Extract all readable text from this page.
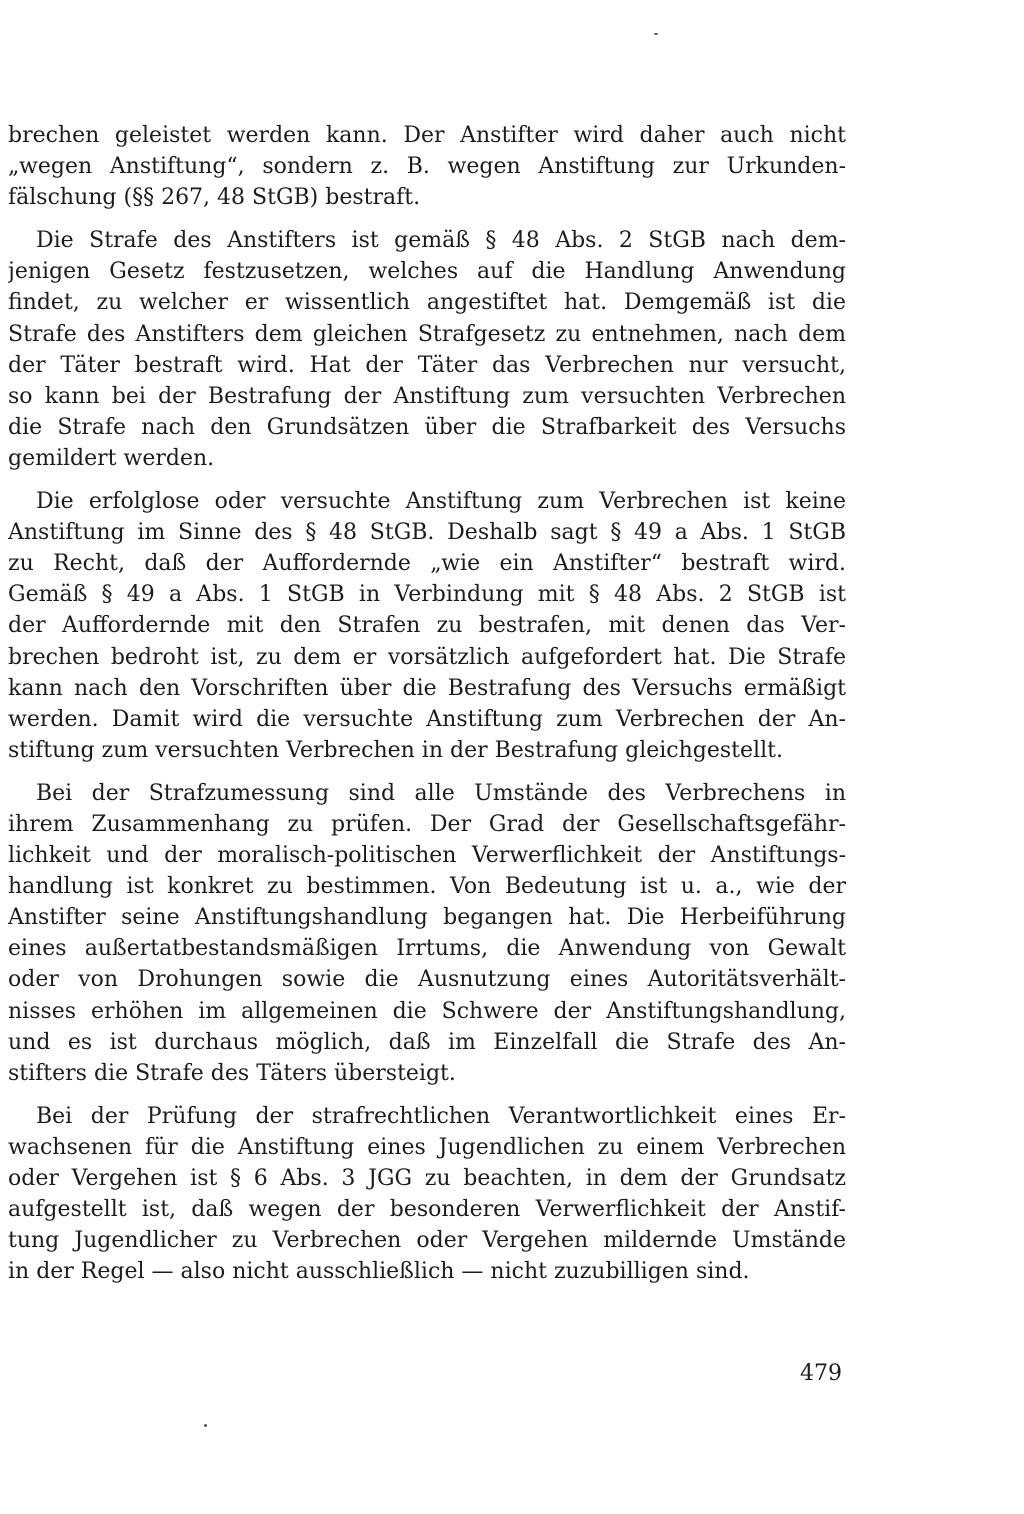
brechen geleistet werden kann. Der Anstifter wird daher auch nicht
„wegen Anstiftung“, sondern z. B. wegen Anstiftung zur Urkunden-
fälschung (§§ 267, 48 StGB) bestraft.

Die Strafe des Anstifters ist gemäß § 48 Abs. 2 StGB nach dem-
jenigen Gesetz festzusetzen, welches auf die Handlung Anwendung
findet, zu welcher er wissentlich angestiftet hat. Demgemäß ist die
Strafe des Anstifters dem gleichen Strafgesetz zu entnehmen, nach dem
der Täter bestraft wird. Hat der Täter das Verbrechen nur versucht,
so kann bei der Bestrafung der Anstiftung zum versuchten Verbrechen
die Strafe nach den Grundsätzen über die Strafbarkeit des Versuchs
gemildert werden.

Die erfolglose oder versuchte Anstiftung zum Verbrechen ist keine
Anstiftung im Sinne des § 48 StGB. Deshalb sagt § 49 a Abs. 1 StGB
zu Recht, daß der Auffordernde „wie ein Anstifter“ bestraft wird.
Gemäß § 49 a Abs. 1 StGB in Verbindung mit § 48 Abs. 2 StGB ist
der Auffordernde mit den Strafen zu bestrafen, mit denen das Ver-
brechen bedroht ist, zu dem er vorsätzlich aufgefordert hat. Die Strafe
kann nach den Vorschriften über die Bestrafung des Versuchs ermäßigt
werden. Damit wird die versuchte Anstiftung zum Verbrechen der An-
stiftung zum versuchten Verbrechen in der Bestrafung gleichgestellt.

Bei der Strafzumessung sind alle Umstände des Verbrechens in
ihrem Zusammenhang zu prüfen. Der Grad der Gesellschaftsgefähr-
lichkeit und der moralisch-politischen Verwerflichkeit der Anstiftungs-
handlung ist konkret zu bestimmen. Von Bedeutung ist u. a., wie der
Anstifter seine Anstiftungshandlung begangen hat. Die Herbeiführung
eines außertatbestandsmäßigen Irrtums, die Anwendung von Gewalt
oder von Drohungen sowie die Ausnutzung eines Autoritätsverhält-
nisses erhöhen im allgemeinen die Schwere der Anstiftungshandlung,
und es ist durchaus möglich, daß im Einzelfall die Strafe des An-
stifters die Strafe des Täters übersteigt.

Bei der Prüfung der strafrechtlichen Verantwortlichkeit eines Er-
wachsenen für die Anstiftung eines Jugendlichen zu einem Verbrechen
oder Vergehen ist § 6 Abs. 3 JGG zu beachten, in dem der Grundsatz
aufgestellt ist, daß wegen der besonderen Verwerflichkeit der Anstif-
tung Jugendlicher zu Verbrechen oder Vergehen mildernde Umstände
in der Regel — also nicht ausschließlich — nicht zuzubilligen sind.

479
